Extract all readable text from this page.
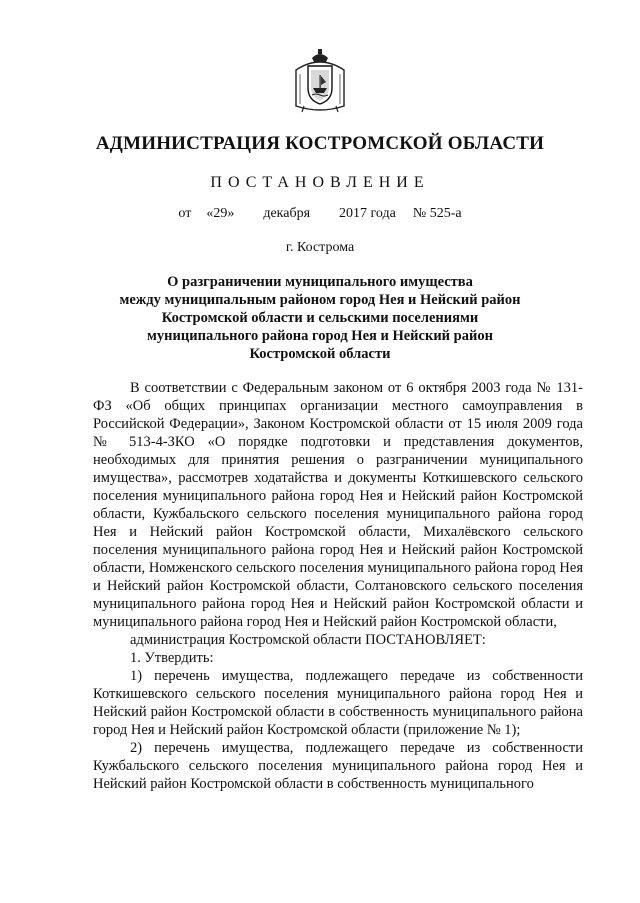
АДМИНИСТРАЦИЯ КОСТРОМСКОЙ ОБЛАСТИ
ПОСТАНОВЛЕНИЕ
от «29» декабря 2017 года № 525-а
г. Кострома
О разграничении муниципального имущества
между муниципальным районом город Нея и Нейский район
Костромской области и сельскими поселениями
муниципального района город Нея и Нейский район
Костромской области

В соответствии с Федеральным законом от 6 октября 2003 года № 131-ФЗ «Об общих принципах организации местного самоуправления в Российской Федерации», Законом Костромской области от 15 июля 2009 года № 513-4-ЗКО «О порядке подготовки и представления документов, необходимых для принятия решения о разграничении муниципального имущества», рассмотрев ходатайства и документы Коткишевского сельского поселения муниципального района город Нея и Нейский район Костромской области, Кужбальского сельского поселения муниципального района город Нея и Нейский район Костромской области, Михалёвского сельского поселения муниципального района город Нея и Нейский район Костромской области, Номженского сельского поселения муниципального района город Нея и Нейский район Костромской области, Солтановского сельского поселения муниципального района город Нея и Нейский район Костромской области и муниципального района город Нея и Нейский район Костромской области,

администрация Костромской области ПОСТАНОВЛЯЕТ:

1. Утвердить:

1) перечень имущества, подлежащего передаче из собственности Коткишевского сельского поселения муниципального района город Нея и Нейский район Костромской области в собственность муниципального района город Нея и Нейский район Костромской области (приложение № 1);

2) перечень имущества, подлежащего передаче из собственности Кужбальского сельского поселения муниципального района город Нея и Нейский район Костромской области в собственность муниципального
